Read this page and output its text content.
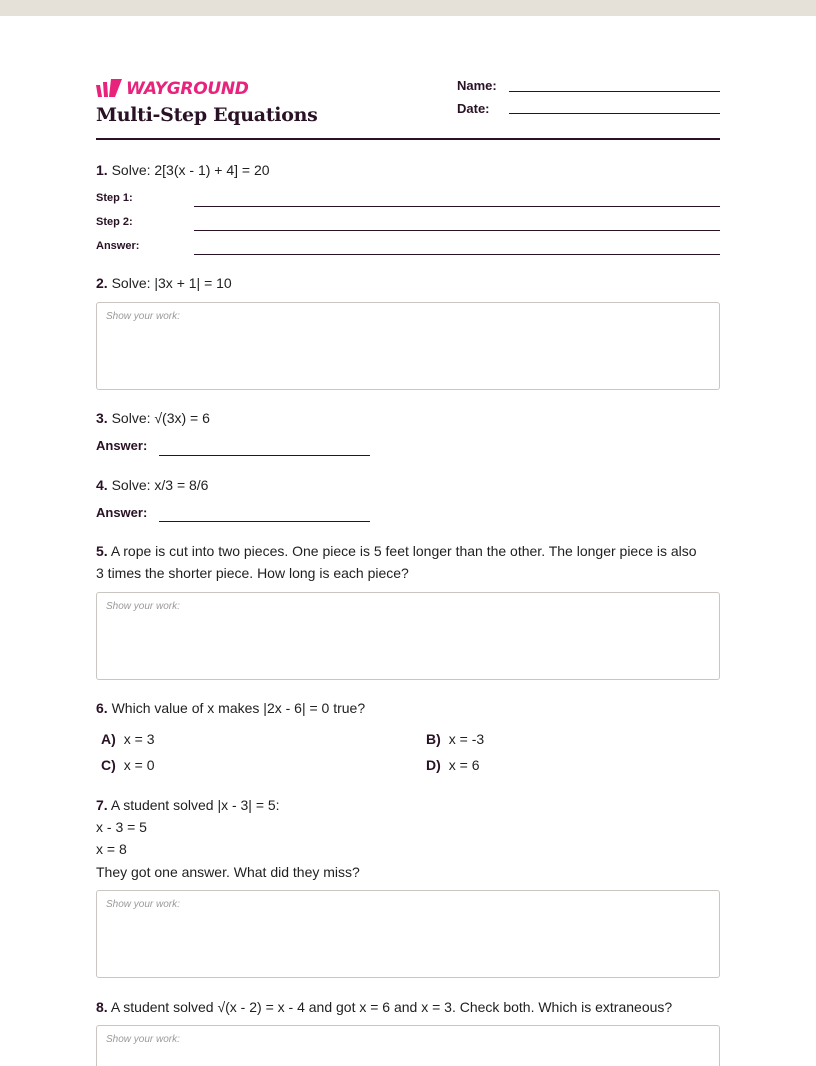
WAYGROUND
Multi-Step Equations
Name:
Date:
1. Solve: 2[3(x - 1) + 4] = 20
Step 1:
Step 2:
Answer:
2. Solve: |3x + 1| = 10
Show your work:
3. Solve: √(3x) = 6
Answer:
4. Solve: x/3 = 8/6
Answer:
5. A rope is cut into two pieces. One piece is 5 feet longer than the other. The longer piece is also 3 times the shorter piece. How long is each piece?
Show your work:
6. Which value of x makes |2x - 6| = 0 true?
A) x = 3	B) x = -3
C) x = 0	D) x = 6
7. A student solved |x - 3| = 5:
x - 3 = 5
x = 8
They got one answer. What did they miss?
Show your work:
8. A student solved √(x - 2) = x - 4 and got x = 6 and x = 3. Check both. Which is extraneous?
Show your work:
